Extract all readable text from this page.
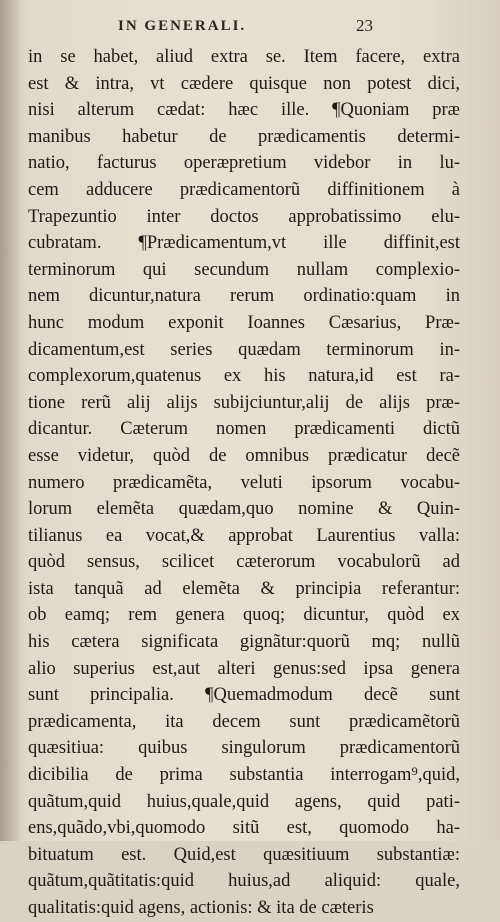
IN GENERALI.	23
in se habet, aliud extra se. Item facere, extra
est & intra, vt cædere quisque non potest dici,
nisi alterum cædat: hæc ille. ¶Quoniam præ
manibus habetur de prædicamentis determi-
natio, facturus operæpretium videbor in lu-
cem adducere prædicamentorũ diffinitionem à
Trapezuntio inter doctos approbatissimo elu-
cubratam. ¶Prædicamentum,vt ille diffinit,est
terminorum qui secundum nullam complexio-
nem dicuntur,natura rerum ordinatio:quam in
hunc modum exponit Ioannes Cæsarius, Præ-
dicamentum,est series quædam terminorum in-
complexorum,quatenus ex his natura,id est ra-
tione rerũ alij alijs subijciuntur,alij de alijs præ-
dicantur. Cæterum nomen prædicamenti dictũ
esse videtur, quòd de omnibus prædicatur decẽ
numero prædicamẽta, veluti ipsorum vocabu-
lorum elemẽta quædam,quo nomine & Quin-
tilianus ea vocat,& approbat Laurentius valla:
quòd sensus, scilicet cæterorum vocabulorũ ad
ista tanquã ad elemẽta & principia referantur:
ob eamq; rem genera quoq; dicuntur, quòd ex
his cætera significata gignãtur:quorũ mq; nullũ
alio superius est,aut alteri genus:sed ipsa genera
sunt principalia. ¶Quemadmodum decẽ sunt
prædicamenta, ita decem sunt prædicamẽtorũ
quæsitiua: quibus singulorum prædicamentorũ
dicibilia de prima substantia interrogam⁹,quid,
quãtum,quid huius,quale,quid agens, quid pati-
ens,quãdo,vbi,quomodo sitũ est, quomodo ha-
bituatum est. Quid,est quæsitiuum substantiæ:
quãtum,quãtitatis:quid huius,ad aliquid: quale,
qualitatis:quid agens, actionis: & ita de cæteris
